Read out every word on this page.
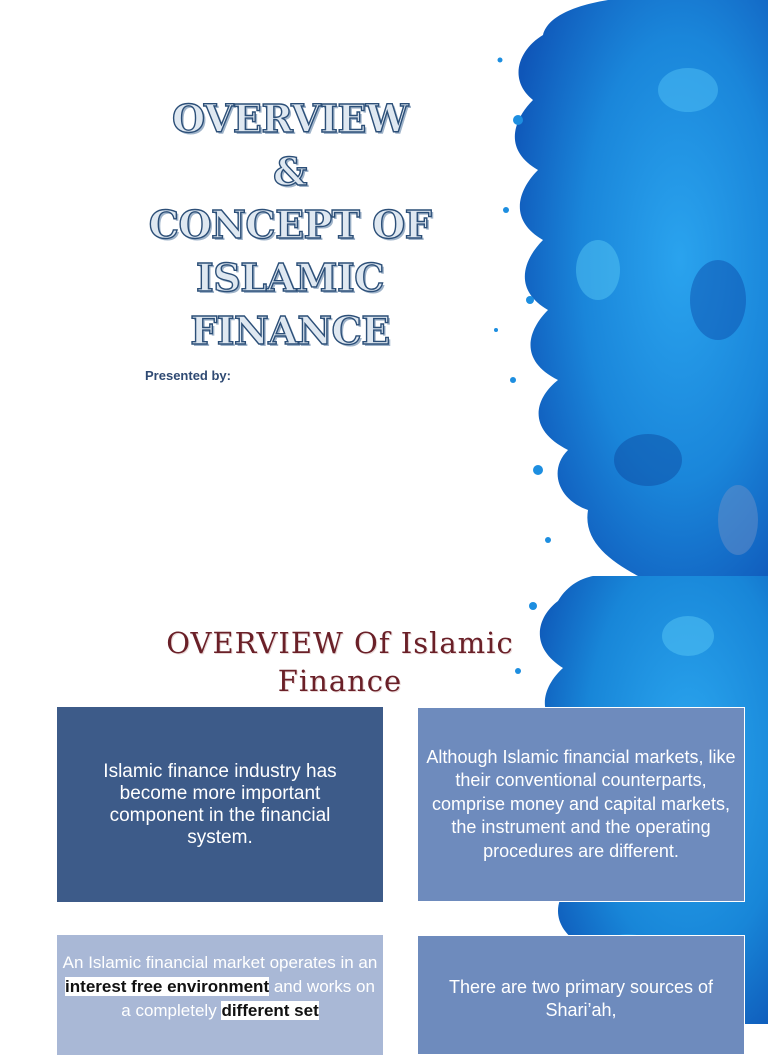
OVERVIEW
&
CONCEPT OF
ISLAMIC
FINANCE
Presented by:
OVERVIEW Of Islamic
Finance
Islamic finance industry has become more important component in the financial system.
Although Islamic financial markets, like their conventional counterparts, comprise money and capital markets, the instrument and the operating procedures are different.
An Islamic financial market operates in an interest free environment and works on a completely different set
There are two primary sources of Shari’ah,
